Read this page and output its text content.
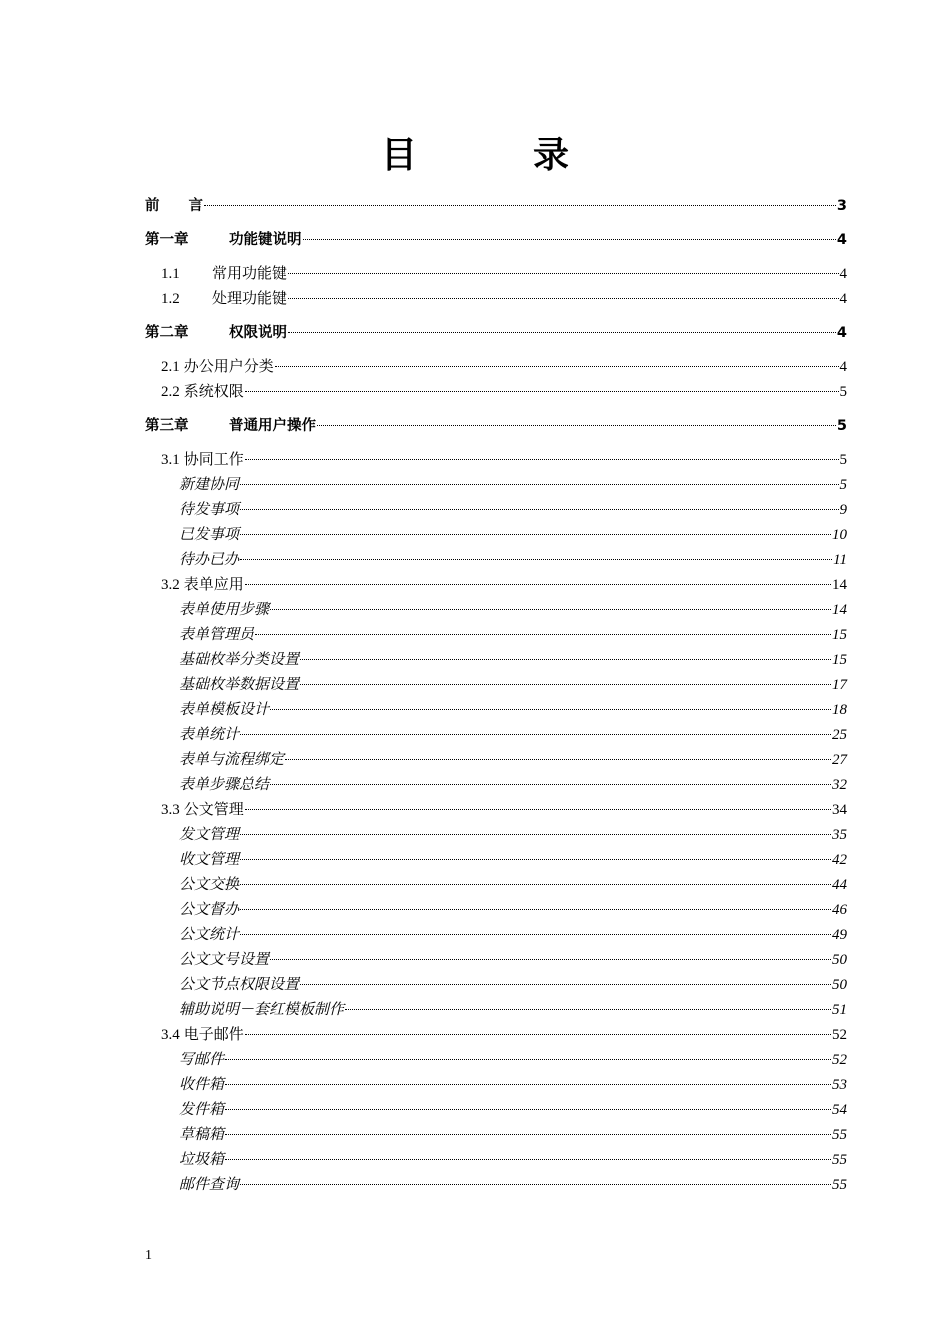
目　录
前　　言	3
第一章	功能键说明	4
1.1	常用功能键	4
1.2	处理功能键	4
第二章	权限说明	4
2.1 办公用户分类	4
2.2 系统权限	5
第三章	普通用户操作	5
3.1 协同工作	5
新建协同	5
待发事项	9
已发事项	10
待办已办	11
3.2 表单应用	14
表单使用步骤	14
表单管理员	15
基础枚举分类设置	15
基础枚举数据设置	17
表单模板设计	18
表单统计	25
表单与流程绑定	27
表单步骤总结	32
3.3 公文管理	34
发文管理	35
收文管理	42
公文交换	44
公文督办	46
公文统计	49
公文文号设置	50
公文节点权限设置	50
辅助说明－套红模板制作	51
3.4 电子邮件	52
写邮件	52
收件箱	53
发件箱	54
草稿箱	55
垃圾箱	55
邮件查询	55
1
